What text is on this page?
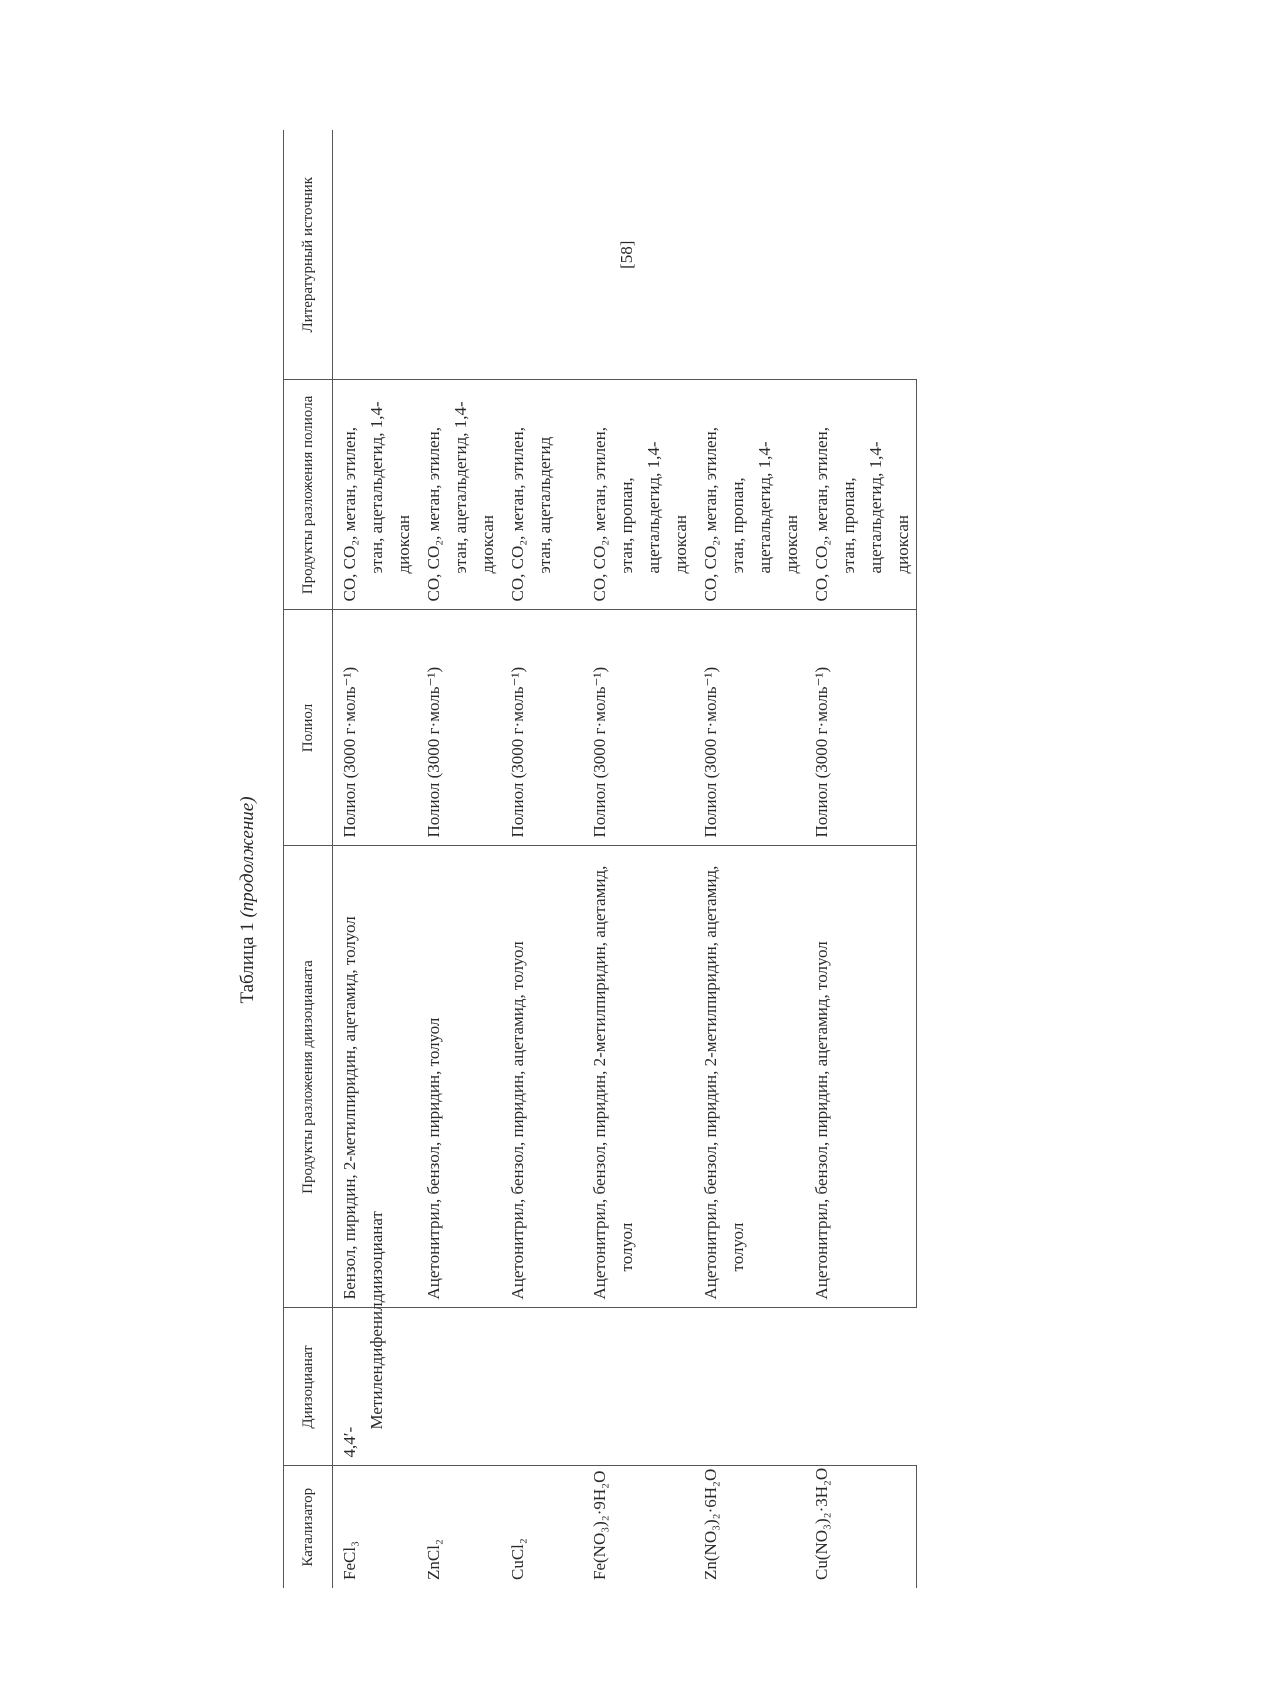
Таблица 1 (продолжение)
Катализатор	Диизоцианат	Продукты разложения диизоцианата	Полиол	Продукты разложения полиола	Литературный источник
FeCl₃	4,4′-Метилендифенилдиизоцианат	Бензол, пиридин, 2-метилпиридин, ацетамид, толуол	Полиол (3000 г·моль⁻¹)	CO, CO₂, метан, этилен, этан, ацетальдегид, 1,4-диоксан	[58]
ZnCl₂		Ацетонитрил, бензол, пиридин, толуол	Полиол (3000 г·моль⁻¹)	CO, CO₂, метан, этилен, этан, ацетальдегид, 1,4-диоксан	

CuCl₂		Ацетонитрил, бензол, пиридин, ацетамид, толуол	Полиол (3000 г·моль⁻¹)	CO, CO₂, метан, этилен, этан, ацетальдегид	

Fe(NO₃)₂·9H₂O		Ацетонитрил, бензол, пиридин, 2-метилпиридин, ацетамид, толуол	Полиол (3000 г·моль⁻¹)	CO, CO₂, метан, этилен, этан, пропан, ацетальдегид, 1,4-диоксан	

Zn(NO₃)₂·6H₂O		Ацетонитрил, бензол, пиридин, 2-метилпиридин, ацетамид, толуол	Полиол (3000 г·моль⁻¹)	CO, CO₂, метан, этилен, этан, пропан, ацетальдегид, 1,4-диоксан	

Cu(NO₃)₂·3H₂O		Ацетонитрил, бензол, пиридин, ацетамид, толуол	Полиол (3000 г·моль⁻¹)	CO, CO₂, метан, этилен, этан, пропан, ацетальдегид, 1,4-диоксан	
